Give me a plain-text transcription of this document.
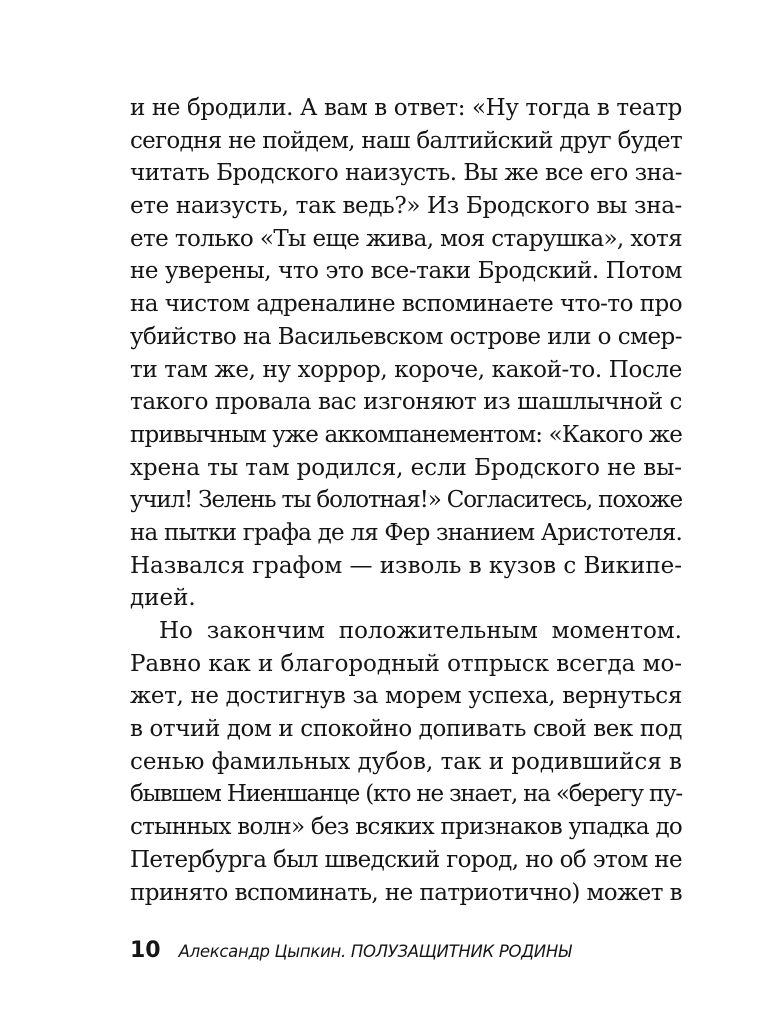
и не бродили. А вам в ответ: «Ну тогда в театр
сегодня не пойдем, наш балтийский друг будет
читать Бродского наизусть. Вы же все его зна-
ете наизусть, так ведь?» Из Бродского вы зна-
ете только «Ты еще жива, моя старушка», хотя
не уверены, что это все-таки Бродский. Потом
на чистом адреналине вспоминаете что-то про
убийство на Васильевском острове или о смер-
ти там же, ну хоррор, короче, какой-то. После
такого провала вас изгоняют из шашлычной с
привычным уже аккомпанементом: «Какого же
хрена ты там родился, если Бродского не вы-
учил! Зелень ты болотная!» Согласитесь, похоже
на пытки графа де ля Фер знанием Аристотеля.
Назвался графом — изволь в кузов с Википе-
дией.
Но закончим положительным моментом.
Равно как и благородный отпрыск всегда мо-
жет, не достигнув за морем успеха, вернуться
в отчий дом и спокойно допивать свой век под
сенью фамильных дубов, так и родившийся в
бывшем Ниеншанце (кто не знает, на «берегу пу-
стынных волн» без всяких признаков упадка до
Петербурга был шведский город, но об этом не
принято вспоминать, не патриотично) может в
10 Александр Цыпкин. ПОЛУЗАЩИТНИК РОДИНЫ
